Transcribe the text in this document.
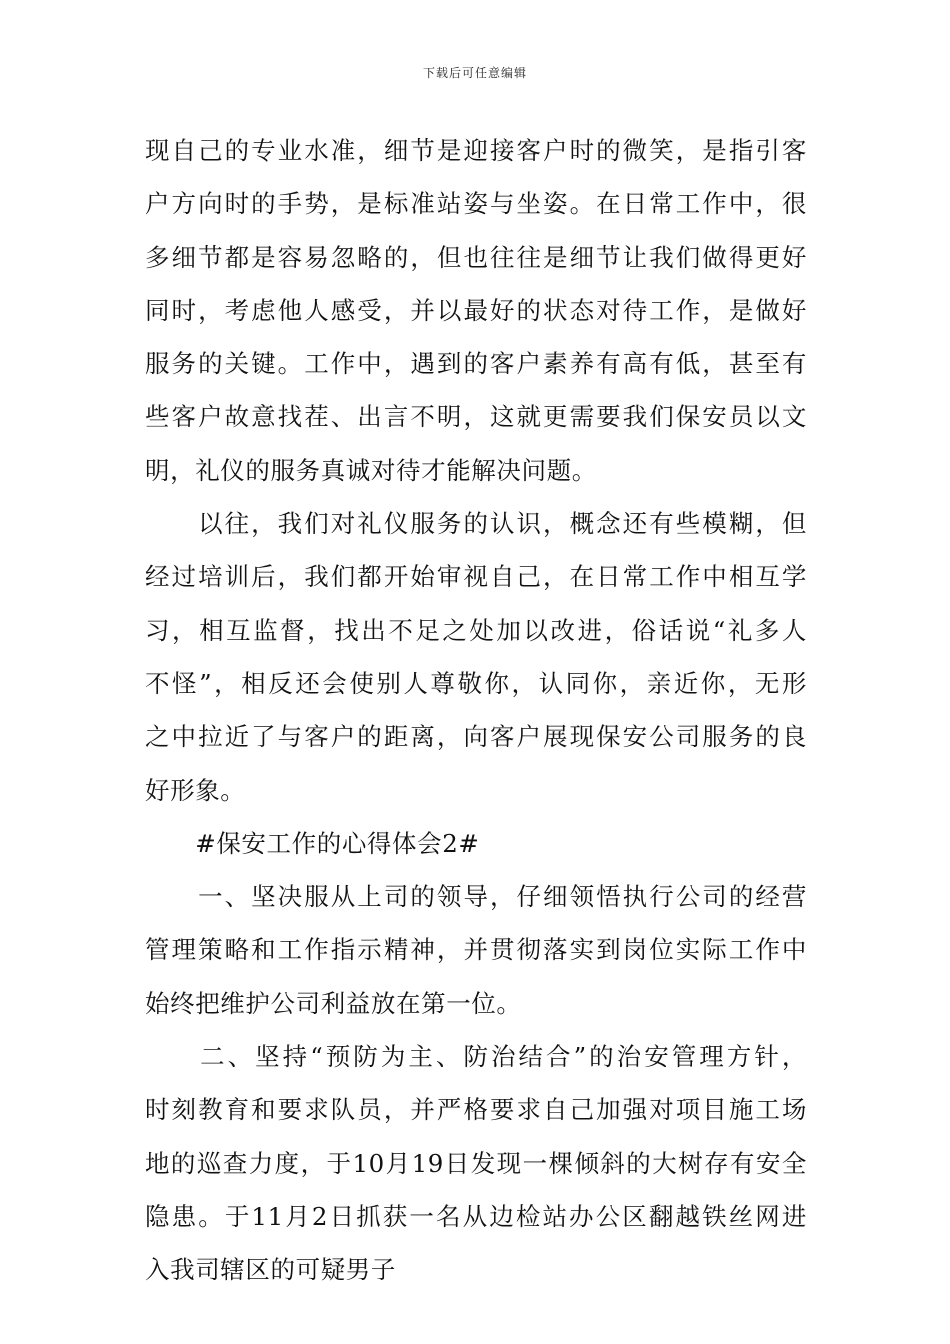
下载后可任意编辑

现自己的专业水准，细节是迎接客户时的微笑，是指引客
户方向时的手势，是标准站姿与坐姿。在日常工作中，很
多细节都是容易忽略的，但也往往是细节让我们做得更好
同时，考虑他人感受，并以最好的状态对待工作，是做好
服务的关键。工作中，遇到的客户素养有高有低，甚至有
些客户故意找茬、出言不明，这就更需要我们保安员以文
明，礼仪的服务真诚对待才能解决问题。

　　以往，我们对礼仪服务的认识，概念还有些模糊，但
经过培训后，我们都开始审视自己，在日常工作中相互学
习，相互监督，找出不足之处加以改进，俗话说“礼多人
不怪”，相反还会使别人尊敬你，认同你，亲近你，无形
之中拉近了与客户的距离，向客户展现保安公司服务的良
好形象。

　　#保安工作的心得体会2#

　　一、坚决服从上司的领导，仔细领悟执行公司的经营
管理策略和工作指示精神，并贯彻落实到岗位实际工作中
始终把维护公司利益放在第一位。

　　二、坚持“预防为主、防治结合”的治安管理方针，
时刻教育和要求队员，并严格要求自己加强对项目施工场
地的巡查力度，于10月19日发现一棵倾斜的大树存有安全
隐患。于11月2日抓获一名从边检站办公区翻越铁丝网进
入我司辖区的可疑男子
